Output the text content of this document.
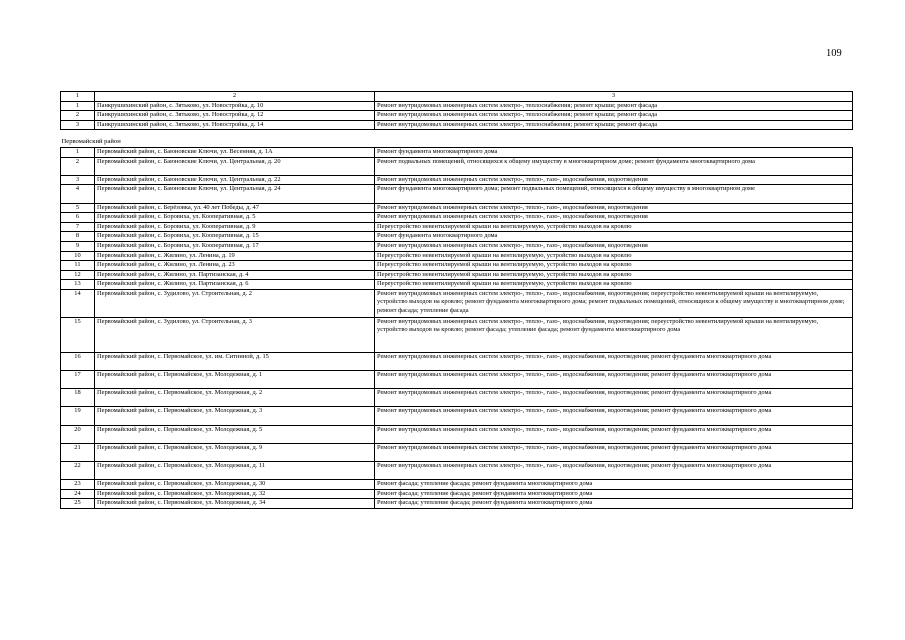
109
1	2	3
1	Панкрушихинский район, с. Зятьково, ул. Новостройка, д. 10	Ремонт внутридомовых инженерных систем электро-, теплоснабжения; ремонт крыши; ремонт фасада
2	Панкрушихинский район, с. Зятьково, ул. Новостройка, д. 12	Ремонт внутридомовых инженерных систем электро-, теплоснабжения; ремонт крыши; ремонт фасада
3	Панкрушихинский район, с. Зятьково, ул. Новостройка, д. 14	Ремонт внутридомовых инженерных систем электро-, теплоснабжения; ремонт крыши; ремонт фасада
Первомайский район		
1	Первомайский район, с. Баюновские Ключи, ул. Весенняя, д. 1А	Ремонт фундамента многоквартирного дома
2	Первомайский район, с. Баюновские Ключи, ул. Центральная, д. 20	Ремонт подвальных помещений, относящихся к общему имуществу в многоквартирном доме; ремонт фундамента многоквартирного дома
3	Первомайский район, с. Баюновские Ключи, ул. Центральная, д. 22	Ремонт внутридомовых инженерных систем электро-, тепло-, газо-, водоснабжения, водоотведения
4	Первомайский район, с. Баюновские Ключи, ул. Центральная, д. 24	Ремонт фундамента многоквартирного дома; ремонт подвальных помещений, относящихся к общему имуществу в многоквартирном доме
5	Первомайский район, с. Берёзовка, ул. 40 лет Победы, д. 47	Ремонт внутридомовых инженерных систем электро-, тепло-, газо-, водоснабжения, водоотведения
6	Первомайский район, с. Боровиха, ул. Кооперативная, д. 5	Ремонт внутридомовых инженерных систем электро-, тепло-, газо-, водоснабжения, водоотведения
7	Первомайский район, с. Боровиха, ул. Кооперативная, д. 9	Переустройство невентилируемой крыши на вентилируемую, устройство выходов на кровлю
8	Первомайский район, с. Боровиха, ул. Кооперативная, д. 15	Ремонт фундамента многоквартирного дома
9	Первомайский район, с. Боровиха, ул. Кооперативная, д. 17	Ремонт внутридомовых инженерных систем электро-, тепло-, газо-, водоснабжения, водоотведения
10	Первомайский район, с. Жилино, ул. Ленина, д. 19	Переустройство невентилируемой крыши на вентилируемую, устройство выходов на кровлю
11	Первомайский район, с. Жилино, ул. Ленина, д. 23	Переустройство невентилируемой крыши на вентилируемую, устройство выходов на кровлю
12	Первомайский район, с. Жилино, ул. Партизанская, д. 4	Переустройство невентилируемой крыши на вентилируемую, устройство выходов на кровлю
13	Первомайский район, с. Жилино, ул. Партизанская, д. 6	Переустройство невентилируемой крыши на вентилируемую, устройство выходов на кровлю
14	Первомайский район, с. Зудилово, ул. Строительная, д. 2	Ремонт внутридомовых инженерных систем электро-, тепло-, газо-, водоснабжения, водоотведения; переустройство невентилируемой крыши на вентилируемую, устройство выходов на кровлю; ремонт фундамента многоквартирного дома; ремонт подвальных помещений, относящихся к общему имуществу в многоквартирном доме; ремонт фасада; утепление фасада
15	Первомайский район, с. Зудилово, ул. Строительная, д. 3	Ремонт внутридомовых инженерных систем электро-, тепло-, газо-, водоснабжения, водоотведения; переустройство невентилируемой крыши на вентилируемую, устройство выходов на кровлю; ремонт фасада; утепление фасада; ремонт фундамента многоквартирного дома
16	Первомайский район, с. Первомайское, ул. им. Ситниной, д. 15	Ремонт внутридомовых инженерных систем электро-, тепло-, газо-, водоснабжения, водоотведения; ремонт фундамента многоквартирного дома
17	Первомайский район, с. Первомайское, ул. Молодежная, д. 1	Ремонт внутридомовых инженерных систем электро-, тепло-, газо-, водоснабжения, водоотведения; ремонт фундамента многоквартирного дома
18	Первомайский район, с. Первомайское, ул. Молодежная, д. 2	Ремонт внутридомовых инженерных систем электро-, тепло-, газо-, водоснабжения, водоотведения; ремонт фундамента многоквартирного дома
19	Первомайский район, с. Первомайское, ул. Молодежная, д. 3	Ремонт внутридомовых инженерных систем электро-, тепло-, газо-, водоснабжения, водоотведения; ремонт фундамента многоквартирного дома
20	Первомайский район, с. Первомайское, ул. Молодежная, д. 5	Ремонт внутридомовых инженерных систем электро-, тепло-, газо-, водоснабжения, водоотведения; ремонт фундамента многоквартирного дома
21	Первомайский район, с. Первомайское, ул. Молодежная, д. 9	Ремонт внутридомовых инженерных систем электро-, тепло-, газо-, водоснабжения, водоотведения; ремонт фундамента многоквартирного дома
22	Первомайский район, с. Первомайское, ул. Молодежная, д. 11	Ремонт внутридомовых инженерных систем электро-, тепло-, газо-, водоснабжения, водоотведения; ремонт фундамента многоквартирного дома
23	Первомайский район, с. Первомайское, ул. Молодежная, д. 30	Ремонт фасада; утепление фасада; ремонт фундамента многоквартирного дома
24	Первомайский район, с. Первомайское, ул. Молодежная, д. 32	Ремонт фасада; утепление фасада; ремонт фундамента многоквартирного дома
25	Первомайский район, с. Первомайское, ул. Молодежная, д. 34	Ремонт фасада; утепление фасада; ремонт фундамента многоквартирного дома
